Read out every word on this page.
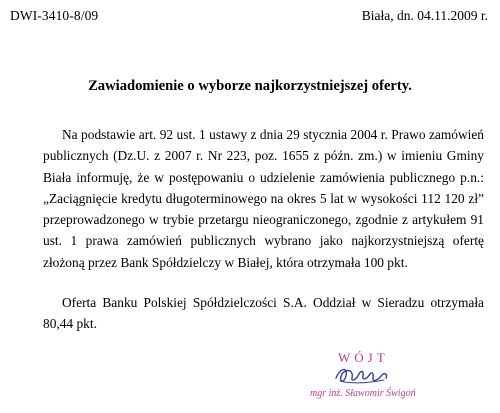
DWI-3410-8/09	Biała, dn. 04.11.2009 r.
Zawiadomienie o wyborze najkorzystniejszej oferty.

Na podstawie art. 92 ust. 1 ustawy z dnia 29 stycznia 2004 r. Prawo zamówień publicznych (Dz.U. z 2007 r. Nr 223, poz. 1655 z późn. zm.) w imieniu Gminy Biała informuję, że w postępowaniu o udzielenie zamówienia publicznego p.n.: „Zaciągnięcie kredytu długoterminowego na okres 5 lat w wysokości 112 120 zł” przeprowadzonego w trybie przetargu nieograniczonego, zgodnie z artykułem 91 ust. 1 prawa zamówień publicznych wybrano jako najkorzystniejszą ofertę złożoną przez Bank Spółdzielczy w Białej, która otrzymała 100 pkt.

Oferta Banku Polskiej Spółdzielczości S.A. Oddział w Sieradzu otrzymała 80,44 pkt.

WÓJT
mgr inż. Sławomir Świgoń
